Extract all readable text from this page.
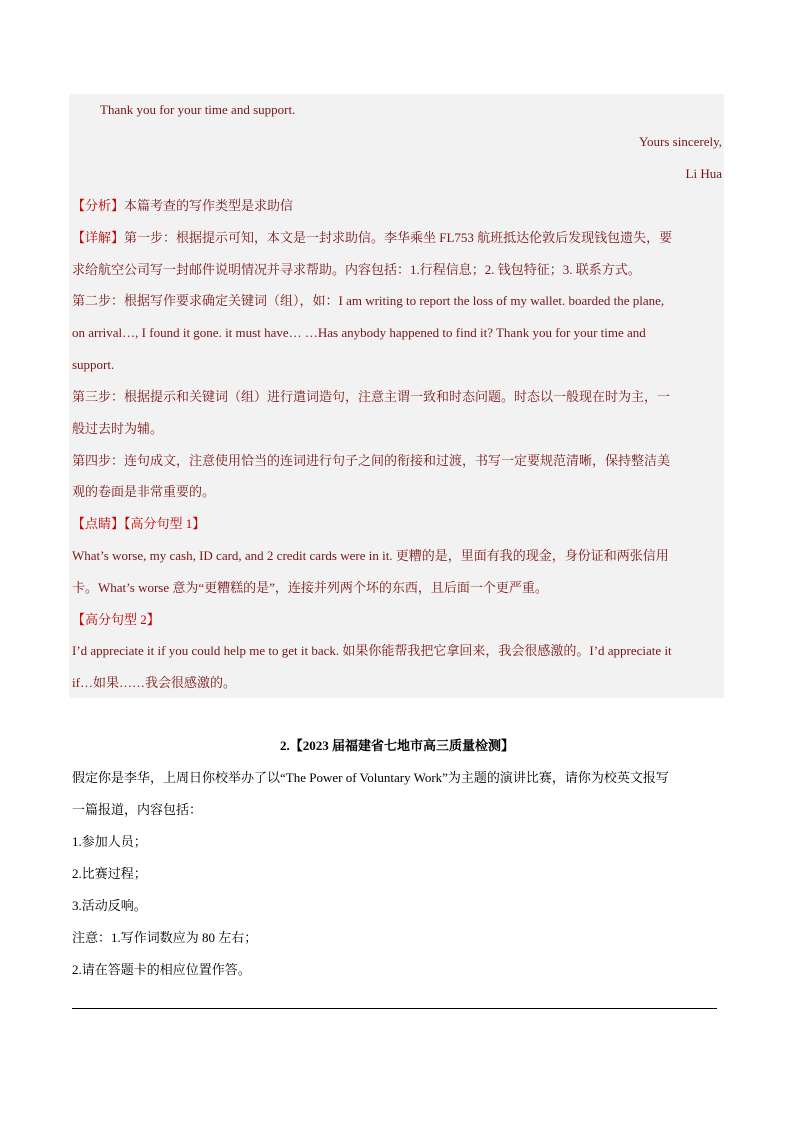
Thank you for your time and support.
Yours sincerely,
Li Hua
【分析】本篇考查的写作类型是求助信
【详解】第一步：根据提示可知，本文是一封求助信。李华乘坐 FL753 航班抵达伦敦后发现钱包遗失，要
求给航空公司写一封邮件说明情况并寻求帮助。内容包括：1.行程信息；2. 钱包特征；3. 联系方式。
第二步：根据写作要求确定关键词（组），如：I am writing to report the loss of my wallet. boarded the plane,
on arrival…, I found it gone. it must have… …Has anybody happened to find it? Thank you for your time and
support.
第三步：根据提示和关键词（组）进行遣词造句，注意主谓一致和时态问题。时态以一般现在时为主，一
般过去时为辅。
第四步：连句成文，注意使用恰当的连词进行句子之间的衔接和过渡，书写一定要规范清晰，保持整洁美
观的卷面是非常重要的。
【点睛】【高分句型 1】
What’s worse, my cash, ID card, and 2 credit cards were in it. 更糟的是，里面有我的现金，身份证和两张信用
卡。What’s worse 意为“更糟糕的是”，连接并列两个坏的东西，且后面一个更严重。
【高分句型 2】
I’d appreciate it if you could help me to get it back. 如果你能帮我把它拿回来，我会很感激的。I’d appreciate it
if…如果……我会很感激的。
2.【2023 届福建省七地市高三质量检测】
假定你是李华，上周日你校举办了以“The Power of Voluntary Work”为主题的演讲比赛，请你为校英文报写
一篇报道，内容包括：
1.参加人员；
2.比赛过程；
3.活动反响。
注意：1.写作词数应为 80 左右；
2.请在答题卡的相应位置作答。
